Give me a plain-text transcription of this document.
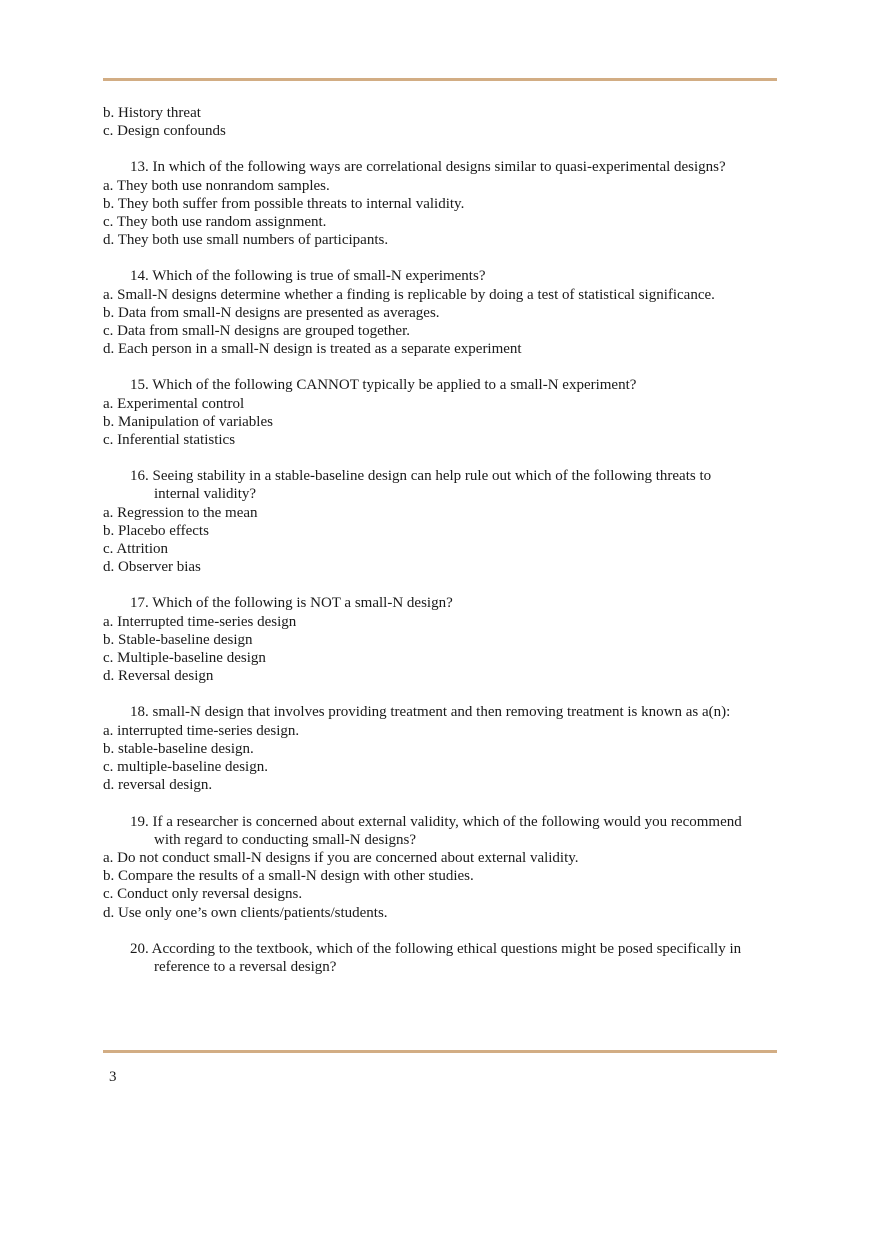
b. History threat
c. Design confounds
13. In which of the following ways are correlational designs similar to quasi-experimental designs?
a. They both use nonrandom samples.
b. They both suffer from possible threats to internal validity.
c. They both use random assignment.
d. They both use small numbers of participants.
14. Which of the following is true of small-N experiments?
a. Small-N designs determine whether a finding is replicable by doing a test of statistical significance.
b. Data from small-N designs are presented as averages.
c. Data from small-N designs are grouped together.
d. Each person in a small-N design is treated as a separate experiment
15. Which of the following CANNOT typically be applied to a small-N experiment?
a. Experimental control
b. Manipulation of variables
c. Inferential statistics
16. Seeing stability in a stable-baseline design can help rule out which of the following threats to internal validity?
a. Regression to the mean
b. Placebo effects
c. Attrition
d. Observer bias
17. Which of the following is NOT a small-N design?
a. Interrupted time-series design
b. Stable-baseline design
c. Multiple-baseline design
d. Reversal design
18. small-N design that involves providing treatment and then removing treatment is known as a(n):
a. interrupted time-series design.
b. stable-baseline design.
c. multiple-baseline design.
d. reversal design.
19. If a researcher is concerned about external validity, which of the following would you recommend with regard to conducting small-N designs?
a. Do not conduct small-N designs if you are concerned about external validity.
b. Compare the results of a small-N design with other studies.
c. Conduct only reversal designs.
d. Use only one’s own clients/patients/students.
20. According to the textbook, which of the following ethical questions might be posed specifically in reference to a reversal design?
3
